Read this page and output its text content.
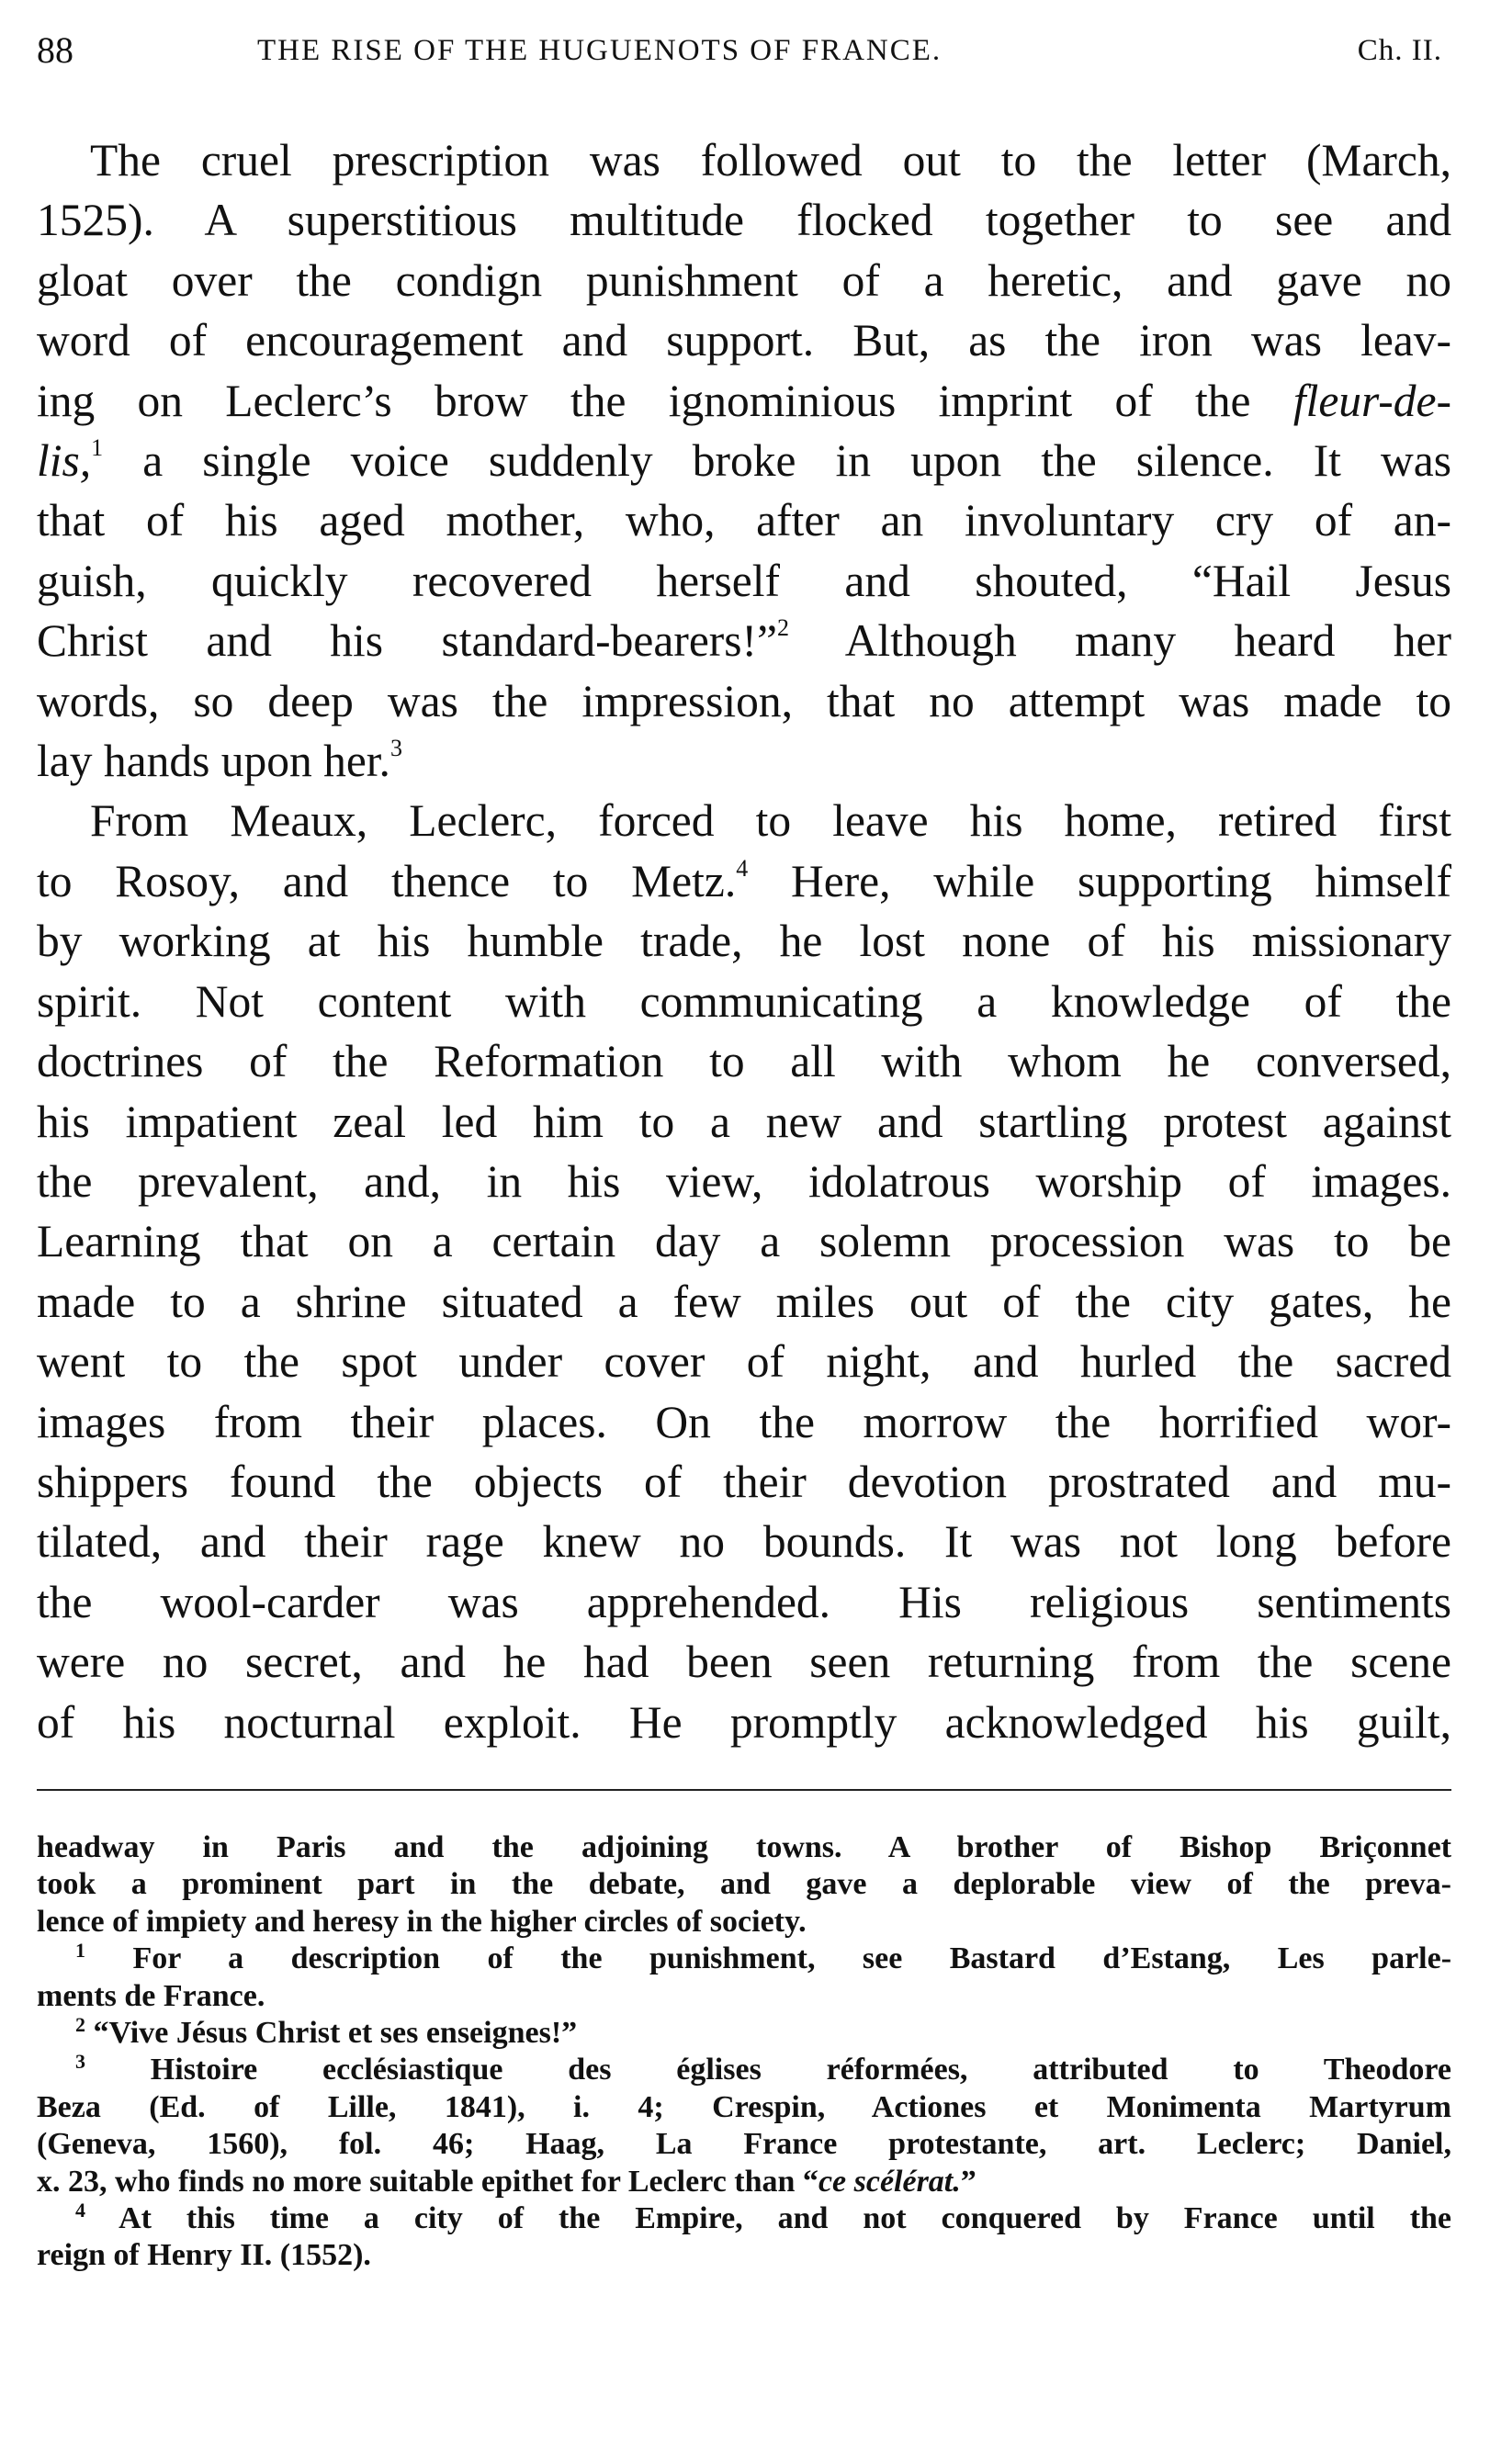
88	THE RISE OF THE HUGUENOTS OF FRANCE.	Ch. II.
The cruel prescription was followed out to the letter (March,
1525). A superstitious multitude flocked together to see and
gloat over the condign punishment of a heretic, and gave no
word of encouragement and support. But, as the iron was leav-
ing on Leclerc’s brow the ignominious imprint of the fleur-de-
lis,$^1$ a single voice suddenly broke in upon the silence. It was
that of his aged mother, who, after an involuntary cry of an-
guish, quickly recovered herself and shouted, “Hail Jesus
Christ and his standard-bearers!”$^2$ Although many heard her
words, so deep was the impression, that no attempt was made to
lay hands upon her.$^3$
From Meaux, Leclerc, forced to leave his home, retired first
to Rosoy, and thence to Metz.$^4$ Here, while supporting himself
by working at his humble trade, he lost none of his missionary
spirit. Not content with communicating a knowledge of the
doctrines of the Reformation to all with whom he conversed,
his impatient zeal led him to a new and startling protest against
the prevalent, and, in his view, idolatrous worship of images.
Learning that on a certain day a solemn procession was to be
made to a shrine situated a few miles out of the city gates, he
went to the spot under cover of night, and hurled the sacred
images from their places. On the morrow the horrified wor-
shippers found the objects of their devotion prostrated and mu-
tilated, and their rage knew no bounds. It was not long before
the wool-carder was apprehended. His religious sentiments
were no secret, and he had been seen returning from the scene
of his nocturnal exploit. He promptly acknowledged his guilt,
headway in Paris and the adjoining towns. A brother of Bishop Briçonnet
took a prominent part in the debate, and gave a deplorable view of the preva-
lence of impiety and heresy in the higher circles of society.
$^1$ For a description of the punishment, see Bastard d’Estang, Les parle-
ments de France.
$^2$ “Vive Jésus Christ et ses enseignes!”
$^3$ Histoire ecclésiastique des églises réformées, attributed to Theodore
Beza (Ed. of Lille, 1841), i. 4; Crespin, Actiones et Monimenta Martyrum
(Geneva, 1560), fol. 46; Haag, La France protestante, art. Leclerc; Daniel,
x. 23, who finds no more suitable epithet for Leclerc than “ce scélérat.”
$^4$ At this time a city of the Empire, and not conquered by France until the
reign of Henry II. (1552).
